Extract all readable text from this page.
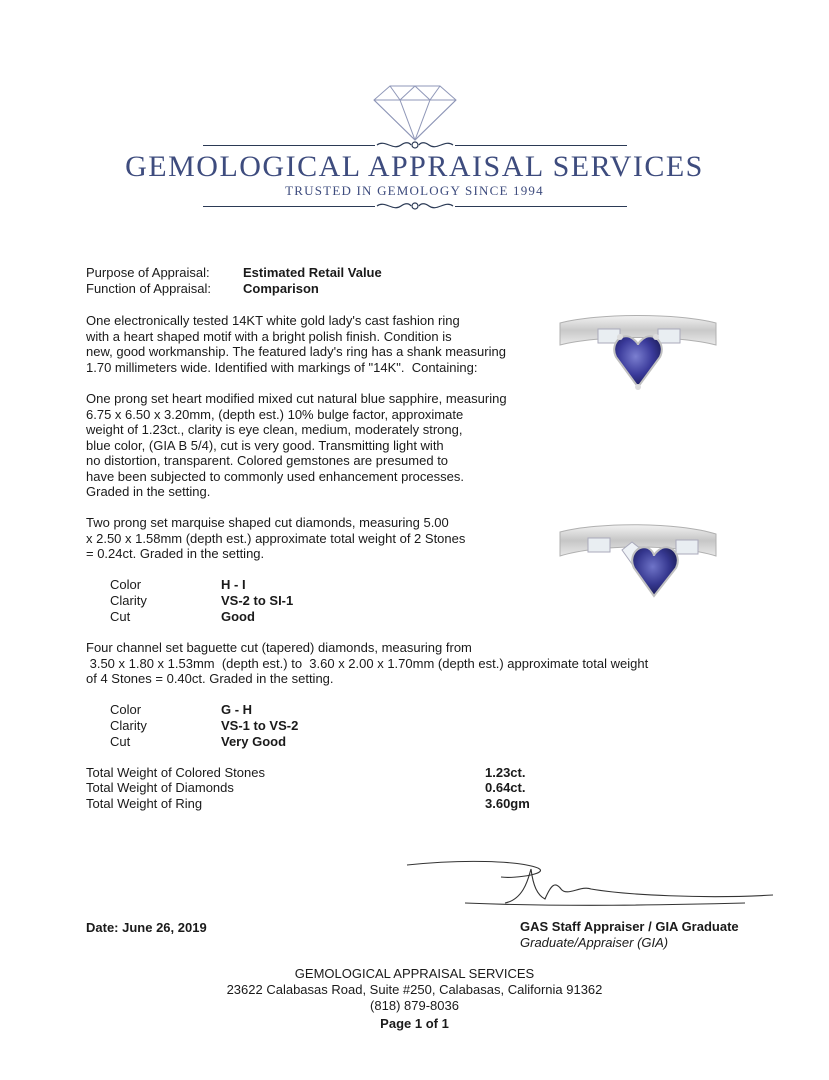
GEMOLOGICAL APPRAISAL SERVICES
TRUSTED IN GEMOLOGY SINCE 1994
Purpose of Appraisal:	Estimated Retail Value
Function of Appraisal: Comparison
One electronically tested 14KT white gold lady's cast fashion ring
with a heart shaped motif with a bright polish finish. Condition is
new, good workmanship. The featured lady's ring has a shank measuring
1.70 millimeters wide. Identified with markings of "14K".  Containing:
One prong set heart modified mixed cut natural blue sapphire, measuring
6.75 x 6.50 x 3.20mm, (depth est.) 10% bulge factor, approximate
weight of 1.23ct., clarity is eye clean, medium, moderately strong,
blue color, (GIA B 5/4), cut is very good. Transmitting light with
no distortion, transparent. Colored gemstones are presumed to
have been subjected to commonly used enhancement processes.
Graded in the setting.
Two prong set marquise shaped cut diamonds, measuring 5.00
x 2.50 x 1.58mm (depth est.) approximate total weight of 2 Stones
= 0.24ct. Graded in the setting.
Color	H - I
Clarity	VS-2 to SI-1
Cut	Good
Four channel set baguette cut (tapered) diamonds, measuring from
3.50 x 1.80 x 1.53mm  (depth est.) to  3.60 x 2.00 x 1.70mm (depth est.) approximate total weight
of 4 Stones = 0.40ct. Graded in the setting.
Color	G - H
Clarity	VS-1 to VS-2
Cut	Very Good
Total Weight of Colored Stones	1.23ct.
Total Weight of Diamonds	0.64ct.
Total Weight of Ring	3.60gm
Date: June 26, 2019	GAS Staff Appraiser / GIA Graduate
Graduate/Appraiser (GIA)
GEMOLOGICAL APPRAISAL SERVICES
23622 Calabasas Road, Suite #250, Calabasas, California 91362
(818) 879-8036
Page 1 of 1
